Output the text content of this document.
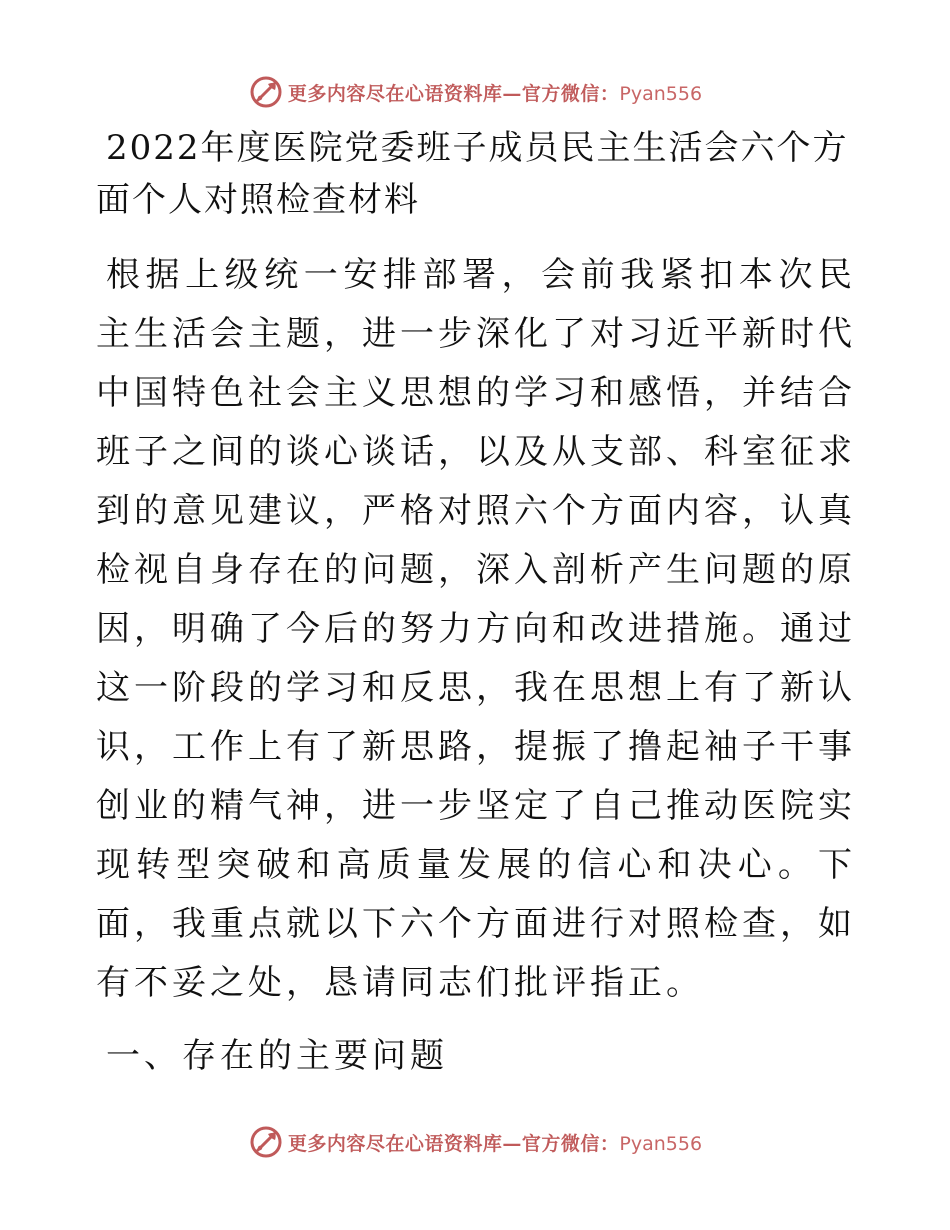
更多内容尽在心语资料库—官方微信：Pyan556
2022年度医院党委班子成员民主生活会六个方面个人对照检查材料

根据上级统一安排部署，会前我紧扣本次民主生活会主题，进一步深化了对习近平新时代中国特色社会主义思想的学习和感悟，并结合班子之间的谈心谈话，以及从支部、科室征求到的意见建议，严格对照六个方面内容，认真检视自身存在的问题，深入剖析产生问题的原因，明确了今后的努力方向和改进措施。通过这一阶段的学习和反思，我在思想上有了新认识，工作上有了新思路，提振了撸起袖子干事创业的精气神，进一步坚定了自己推动医院实现转型突破和高质量发展的信心和决心。下面，我重点就以下六个方面进行对照检查，如有不妥之处，恳请同志们批评指正。

一、存在的主要问题
更多内容尽在心语资料库—官方微信：Pyan556
